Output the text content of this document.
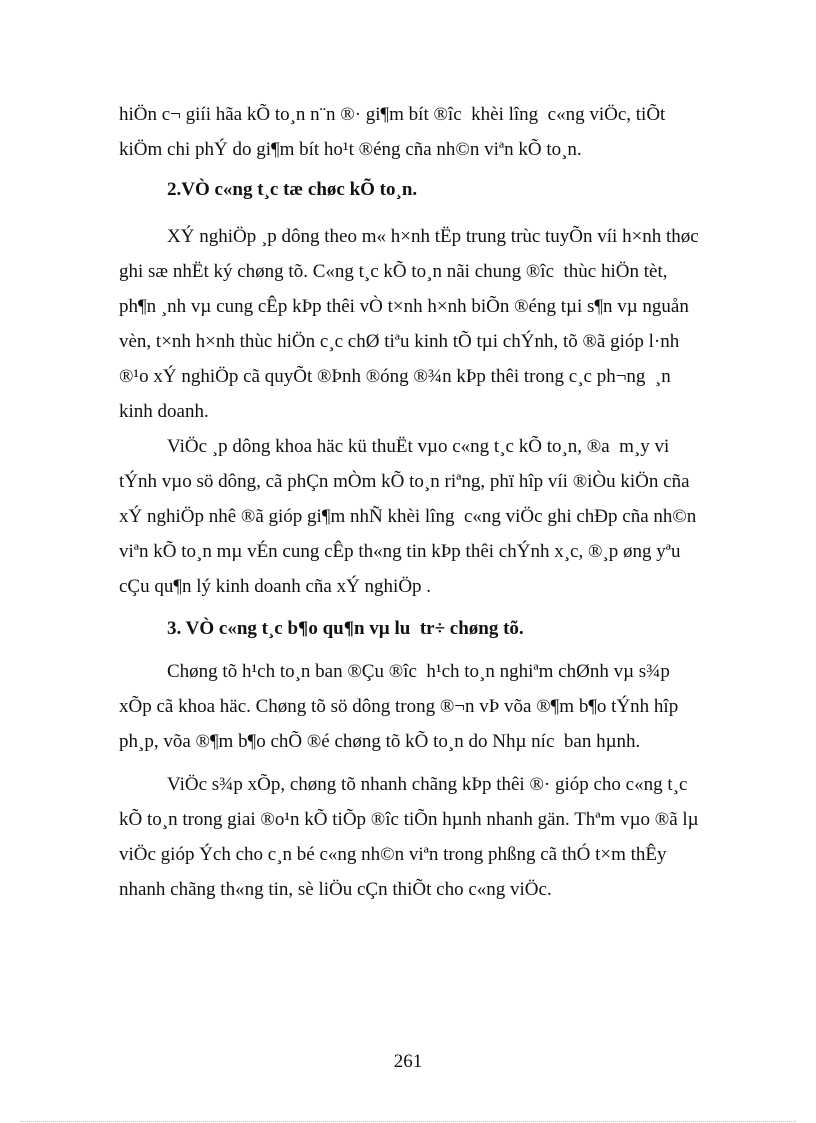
hiÖn c¬ giíi hãa kÕ to¸n n¨n ®· gi¶m bít ®îc  khèi lîng  c«ng viÖc, tiÕt

kiÖm chi phÝ do gi¶m bít ho¹t ®éng cña nh©n viªn kÕ to¸n.

2.VÒ c«ng t¸c tæ chøc kÕ to¸n.

XÝ nghiÖp ¸p dông theo m« h×nh tËp trung trùc tuyÕn víi h×nh thøc

ghi sæ nhËt ký chøng tõ. C«ng t¸c kÕ to¸n nãi chung ®îc  thùc hiÖn tèt,

ph¶n ¸nh vµ cung cÊp kÞp thêi vÒ t×nh h×nh biÕn ®éng tµi s¶n vµ nguån

vèn, t×nh h×nh thùc hiÖn c¸c chØ tiªu kinh tÕ tµi chÝnh, tõ ®ã gióp l·nh

®¹o xÝ nghiÖp cã quyÕt ®Þnh ®óng ®¾n kÞp thêi trong c¸c ph¬ng  ¸n

kinh doanh.

ViÖc ¸p dông khoa häc kü thuËt vµo c«ng t¸c kÕ to¸n, ®a  m¸y vi

tÝnh vµo sö dông, cã phÇn mÒm kÕ to¸n riªng, phï hîp víi ®iÒu kiÖn cña

xÝ nghiÖp nhê ®ã gióp gi¶m nhÑ khèi lîng  c«ng viÖc ghi chÐp cña nh©n

viªn kÕ to¸n mµ vÉn cung cÊp th«ng tin kÞp thêi chÝnh x¸c, ®¸p øng yªu

cÇu qu¶n lý kinh doanh cña xÝ nghiÖp .

3. VÒ c«ng t¸c b¶o qu¶n vµ lu  tr÷ chøng tõ.

Chøng tõ h¹ch to¸n ban ®Çu ®îc  h¹ch to¸n nghiªm chØnh vµ s¾p

xÕp cã khoa häc. Chøng tõ sö dông trong ®¬n vÞ võa ®¶m b¶o tÝnh hîp

ph¸p, võa ®¶m b¶o chÕ ®é chøng tõ kÕ to¸n do Nhµ níc  ban hµnh.

ViÖc s¾p xÕp, chøng tõ nhanh chãng kÞp thêi ®· gióp cho c«ng t¸c

kÕ to¸n trong giai ®o¹n kÕ tiÕp ®îc tiÕn hµnh nhanh gän. Thªm vµo ®ã lµ

viÖc gióp Ých cho c¸n bé c«ng nh©n viªn trong phßng cã thÓ t×m thÊy

nhanh chãng th«ng tin, sè liÖu cÇn thiÕt cho c«ng viÖc.

261
